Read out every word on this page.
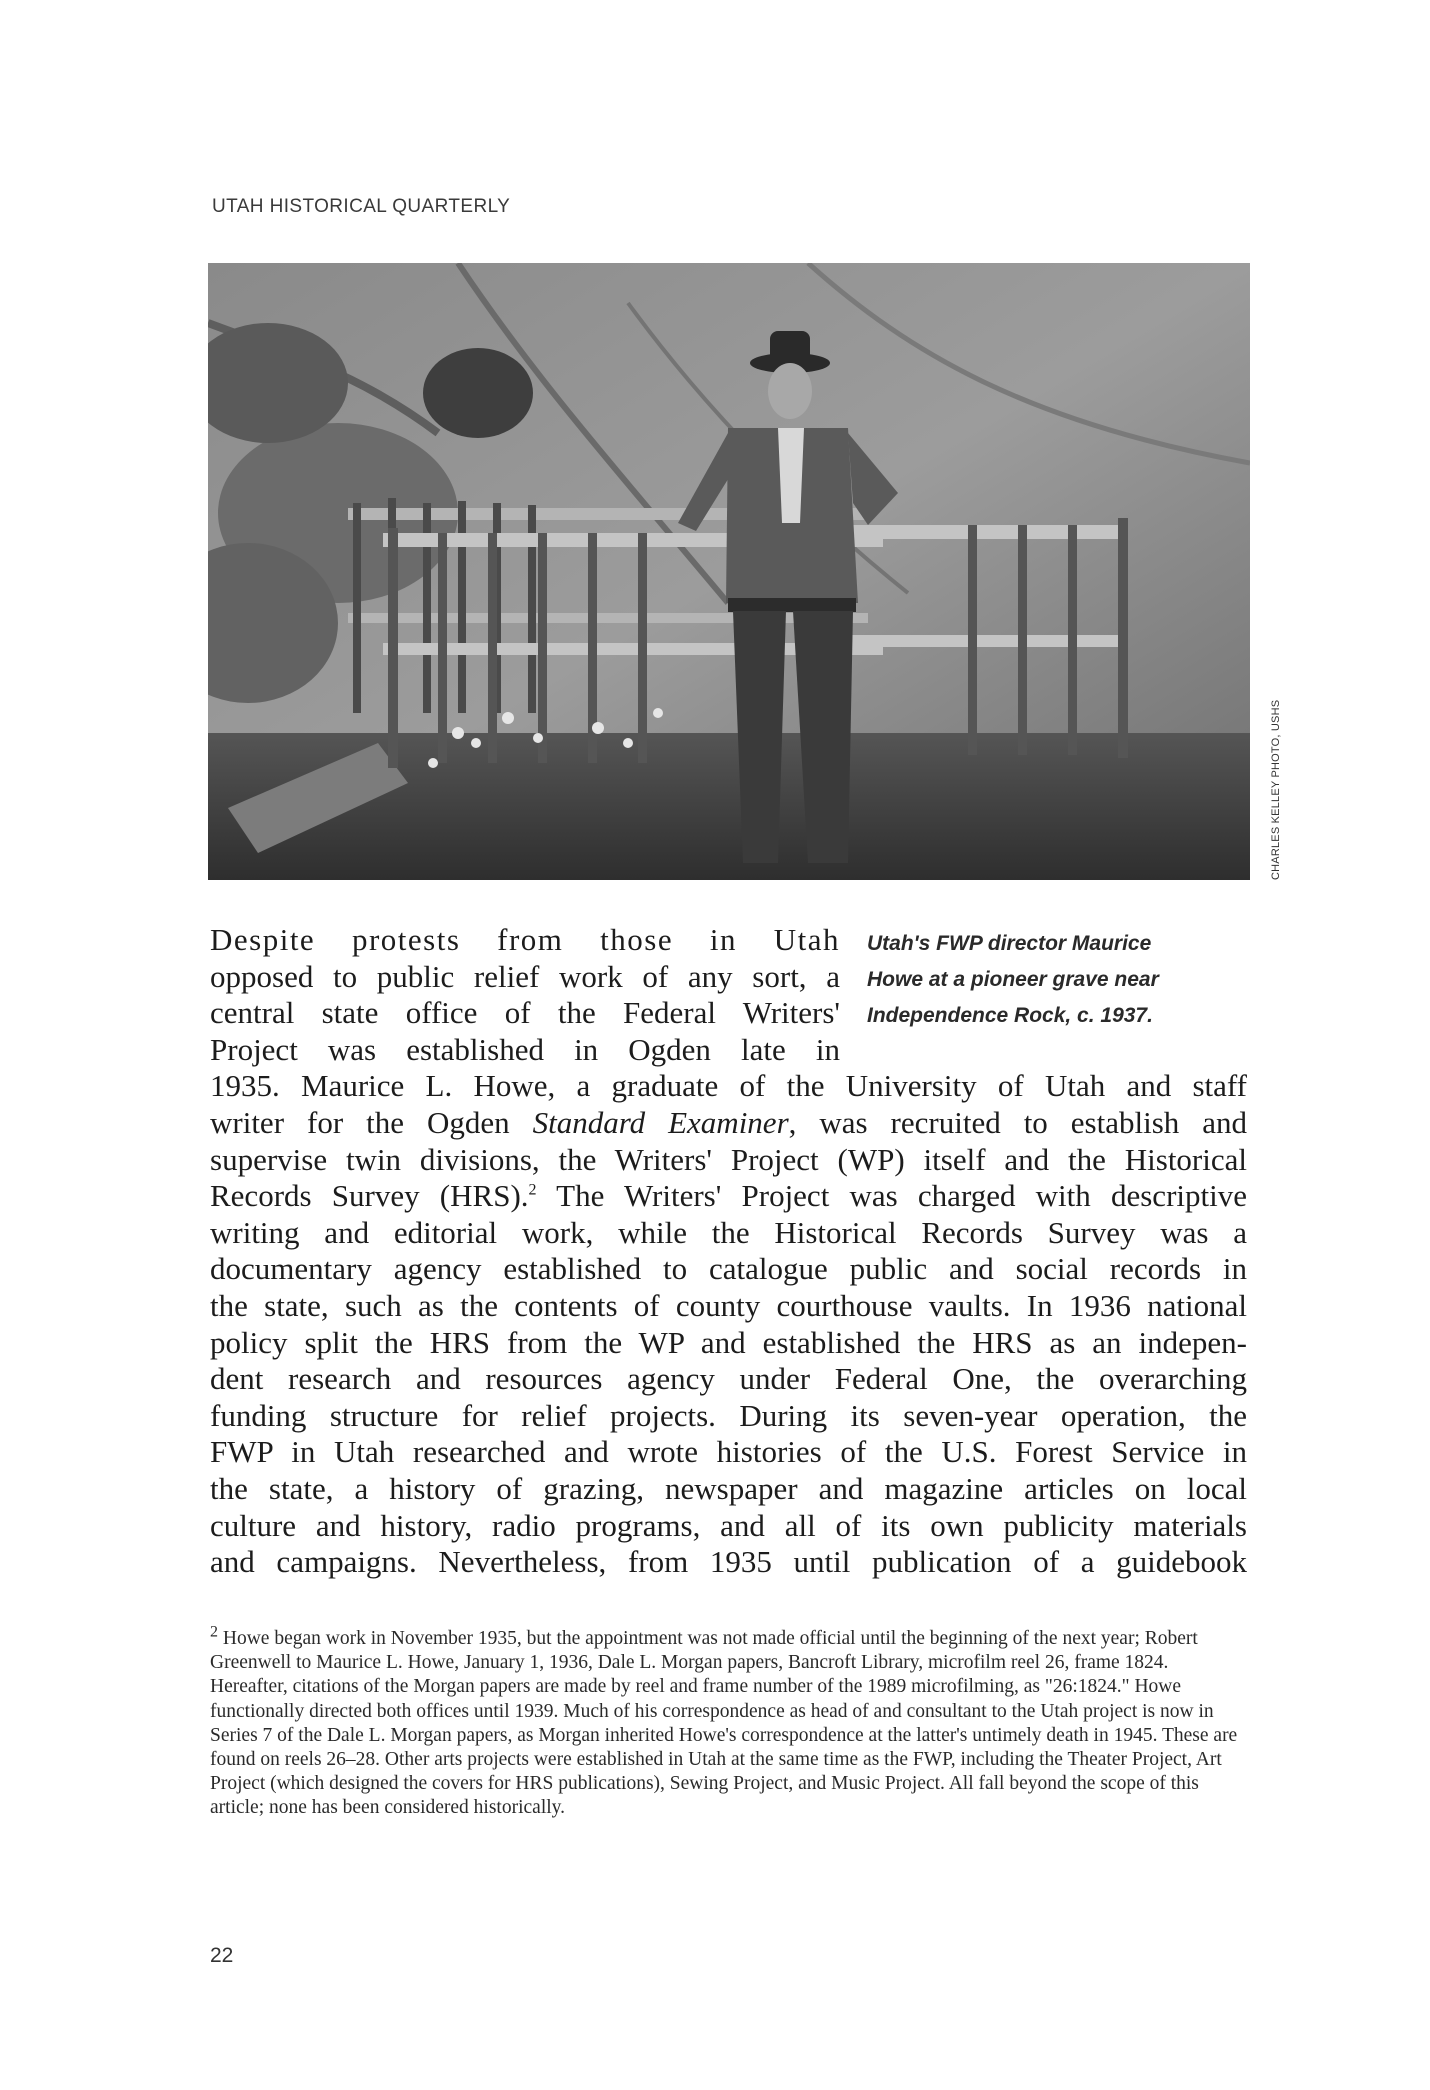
UTAH HISTORICAL QUARTERLY
CHARLES KELLEY PHOTO, USHS
Utah's FWP director Maurice
Howe at a pioneer grave near
Independence Rock, c. 1937.
Despite protests from those in Utah
opposed to public relief work of any sort, a
central state office of the Federal Writers'
Project was established in Ogden late in
1935. Maurice L. Howe, a graduate of the University of Utah and staff
writer for the Ogden Standard Examiner, was recruited to establish and
supervise twin divisions, the Writers' Project (WP) itself and the Historical
Records Survey (HRS).$^2$ The Writers' Project was charged with descriptive
writing and editorial work, while the Historical Records Survey was a
documentary agency established to catalogue public and social records in
the state, such as the contents of county courthouse vaults. In 1936 national
policy split the HRS from the WP and established the HRS as an indepen-
dent research and resources agency under Federal One, the overarching
funding structure for relief projects. During its seven-year operation, the
FWP in Utah researched and wrote histories of the U.S. Forest Service in
the state, a history of grazing, newspaper and magazine articles on local
culture and history, radio programs, and all of its own publicity materials
and campaigns. Nevertheless, from 1935 until publication of a guidebook
$^2$ Howe began work in November 1935, but the appointment was not made official until the beginning of the next year; Robert Greenwell to Maurice L. Howe, January 1, 1936, Dale L. Morgan papers, Bancroft Library, microfilm reel 26, frame 1824. Hereafter, citations of the Morgan papers are made by reel and frame number of the 1989 microfilming, as "26:1824." Howe functionally directed both offices until 1939. Much of his correspondence as head of and consultant to the Utah project is now in Series 7 of the Dale L. Morgan papers, as Morgan inherited Howe's correspondence at the latter's untimely death in 1945. These are found on reels 26–28. Other arts projects were established in Utah at the same time as the FWP, including the Theater Project, Art Project (which designed the covers for HRS publications), Sewing Project, and Music Project. All fall beyond the scope of this article; none has been considered historically.
22
